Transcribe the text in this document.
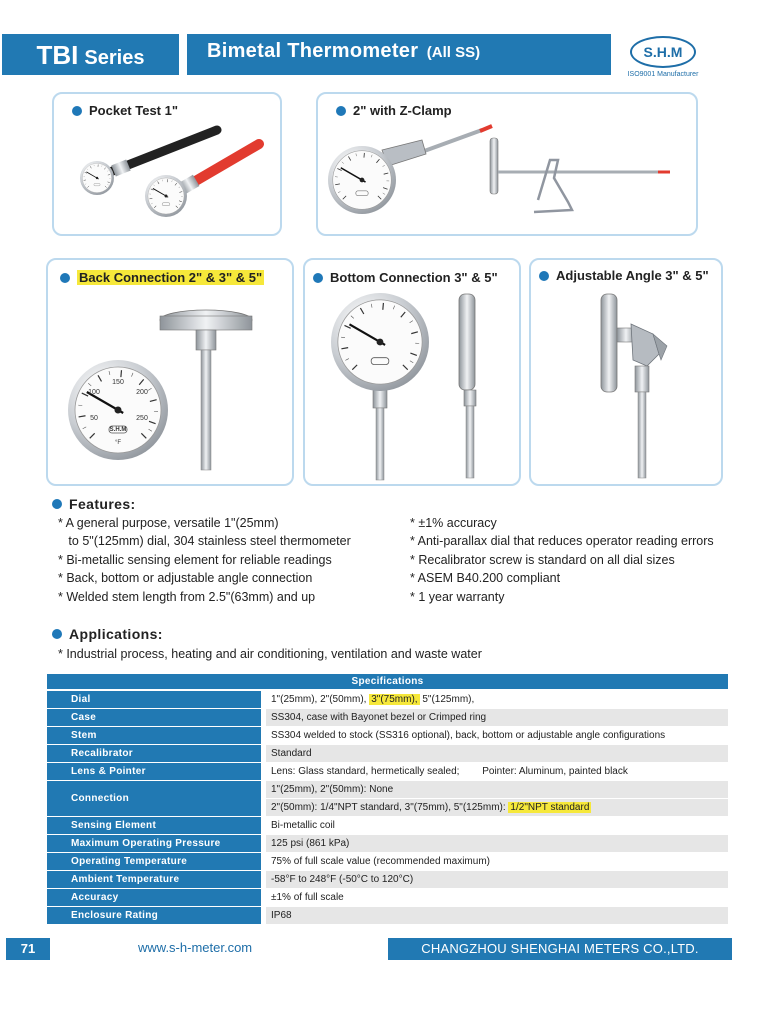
TBI Series	Bimetal Thermometer (All SS)	S.H.M
ISO9001 Manufacturer
Pocket Test 1"	2" with Z-Clamp
Back Connection 2" & 3" & 5"
50
100
150
200
250
S.H.M
°F
Bottom Connection 3" & 5"	Adjustable Angle 3" & 5"
Features:
* A general purpose, versatile 1"(25mm)
to 5"(125mm) dial, 304 stainless steel thermometer
* Bi-metallic sensing element for reliable readings
* Back, bottom or adjustable angle connection
* Welded stem length from 2.5"(63mm) and up
* ±1% accuracy
* Anti-parallax dial that reduces operator reading errors
* Recalibrator screw is standard on all dial sizes
* ASEM B40.200 compliant
* 1 year warranty
Applications:
* Industrial process, heating and air conditioning, ventilation and waste water
Specifications
Dial	1"(25mm), 2"(50mm), 3"(75mm), 5"(125mm),
Case	SS304, case with Bayonet bezel or Crimped ring
Stem	SS304 welded to stock (SS316 optional), back, bottom or adjustable angle configurations
Recalibrator	Standard
Lens & Pointer	Lens: Glass standard, hermetically sealed; Pointer: Aluminum, painted black
Connection
1"(25mm), 2"(50mm): None
2"(50mm): 1/4"NPT standard, 3"(75mm), 5"(125mm): 1/2"NPT standard
Sensing Element	Bi-metallic coil
Maximum Operating Pressure	125 psi (861 kPa)
Operating Temperature	75% of full scale value (recommended maximum)
Ambient Temperature	-58°F to 248°F (-50°C to 120°C)
Accuracy	±1% of full scale
Enclosure Rating	IP68
71	www.s-h-meter.com	CHANGZHOU SHENGHAI METERS CO.,LTD.
